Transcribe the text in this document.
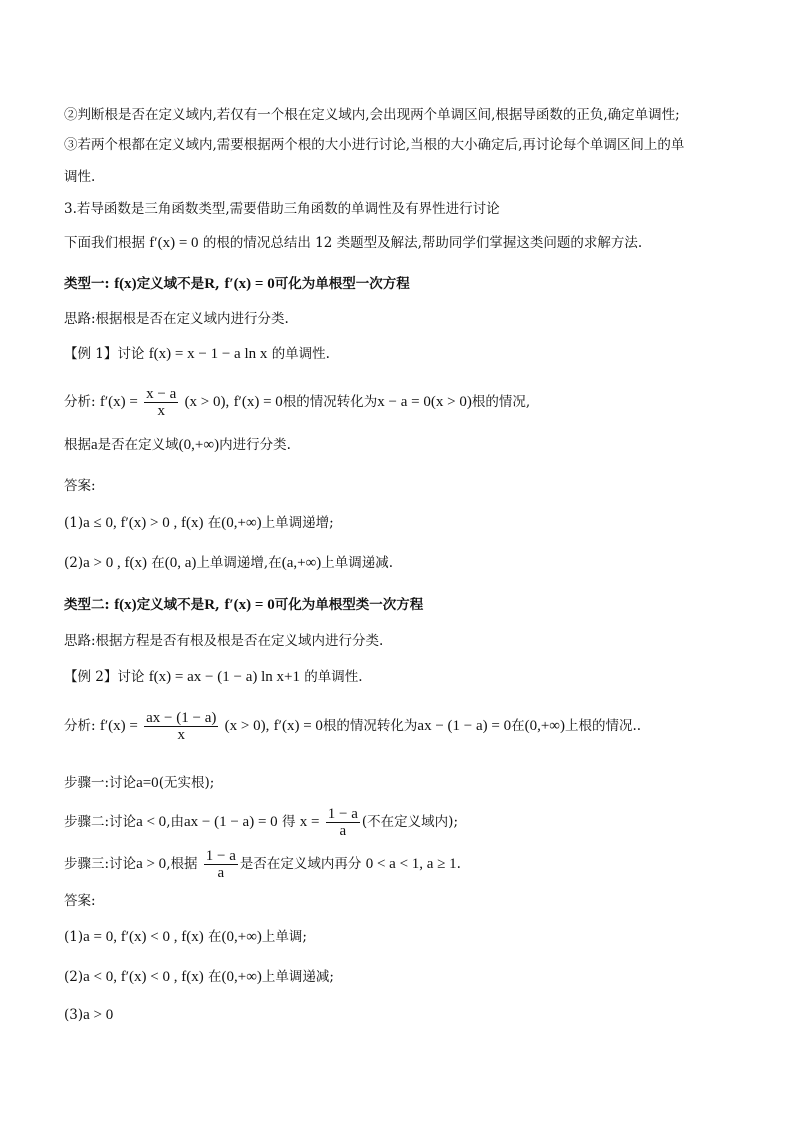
②判断根是否在定义域内,若仅有一个根在定义域内,会出现两个单调区间,根据导函数的正负,确定单调性;
③若两个根都在定义域内,需要根据两个根的大小进行讨论,当根的大小确定后,再讨论每个单调区间上的单
调性.
3.若导函数是三角函数类型,需要借助三角函数的单调性及有界性进行讨论
下面我们根据 f′(x) = 0 的根的情况总结出 12 类题型及解法,帮助同学们掌握这类问题的求解方法.
类型一: f(x)定义域不是R, f′(x) = 0可化为单根型一次方程
思路:根据根是否在定义域内进行分类.
【例 1】讨论 f(x) = x − 1 − a ln x 的单调性.
分析: $f'(x) = \frac{x - a}{x} (x > 0)$, f′(x) = 0根的情况转化为x − a = 0(x > 0)根的情况,
根据a是否在定义域(0,+∞)内进行分类.
答案:
(1)a ≤ 0, f′(x) > 0 , f(x) 在(0,+∞)上单调递增;
(2)a > 0 , f(x) 在(0, a)上单调递增,在(a,+∞)上单调递减.
类型二: f(x)定义域不是R, f′(x) = 0可化为单根型类一次方程
思路:根据方程是否有根及根是否在定义域内进行分类.
【例 2】讨论 f(x) = ax − (1 − a) ln x+1 的单调性.
分析: $f'(x) = \frac{ax - (1 - a)}{x} (x > 0)$, f′(x) = 0根的情况转化为ax − (1 − a) = 0在(0,+∞)上根的情况..
步骤一:讨论a=0(无实根);
步骤二:讨论a < 0,由ax − (1 − a) = 0 得 $x = \frac{1 - a}{a}$ (不在定义域内);
步骤三:讨论a > 0,根据 $\frac{1 - a}{a}$ 是否在定义域内再分 0 < a < 1, a ≥ 1.
答案:
(1)a = 0, f′(x) < 0 , f(x) 在(0,+∞)上单调;
(2)a < 0, f′(x) < 0 , f(x) 在(0,+∞)上单调递减;
(3)a > 0
